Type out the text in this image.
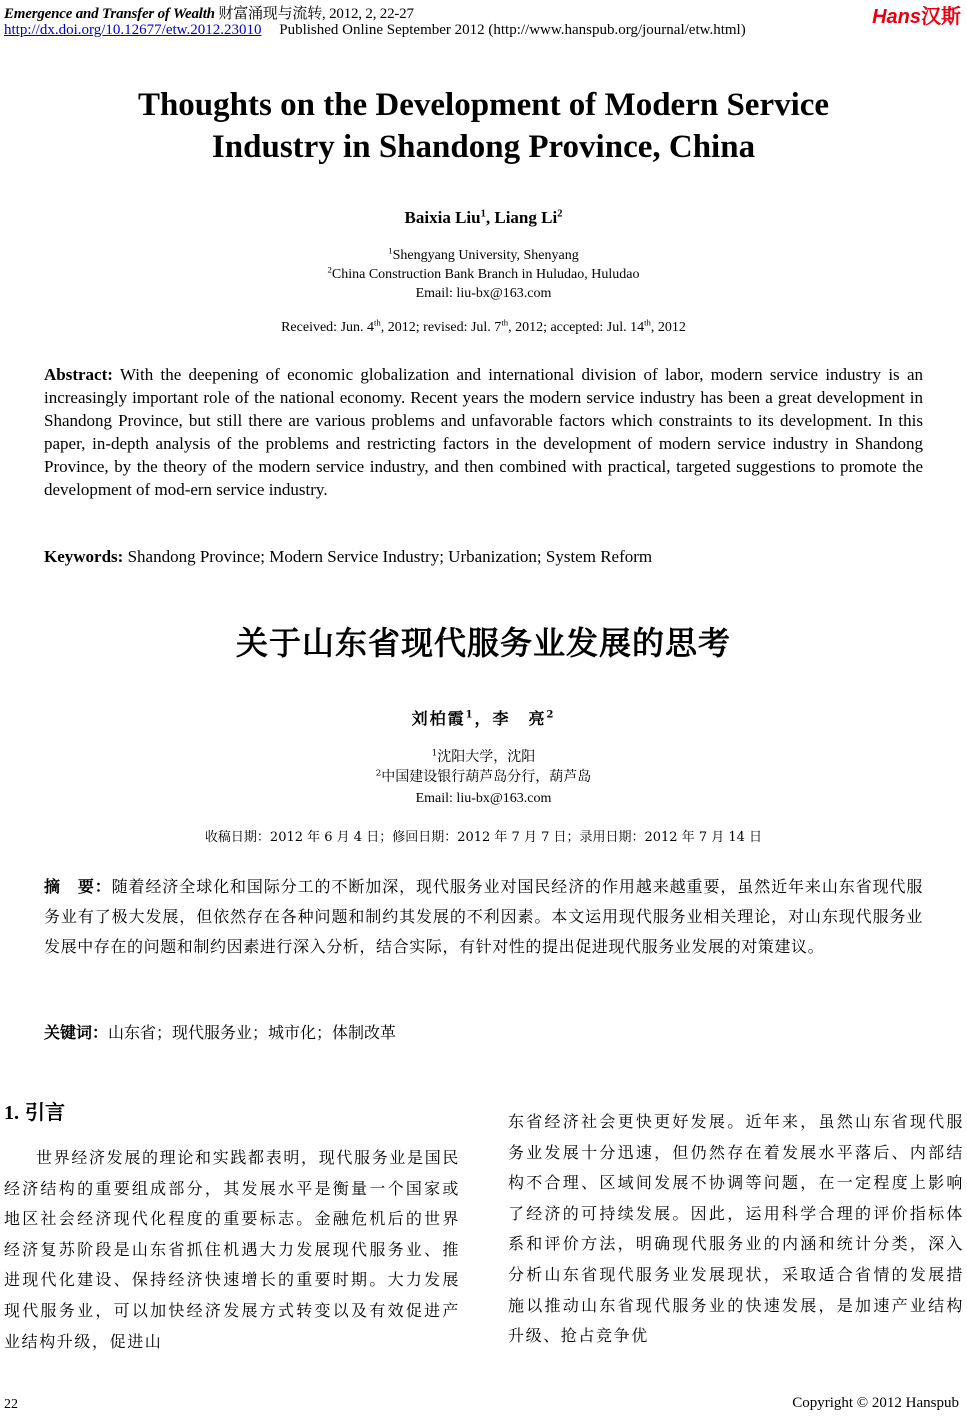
Emergence and Transfer of Wealth 财富涌现与流转, 2012, 2, 22-27
http://dx.doi.org/10.12677/etw.2012.23010 Published Online September 2012 (http://www.hanspub.org/journal/etw.html)
Hans汉斯
Thoughts on the Development of Modern Service
Industry in Shandong Province, China
Baixia Liu$^1$, Liang Li$^2$
$^1$Shengyang University, Shenyang
$^2$China Construction Bank Branch in Huludao, Huludao
Email: liu-bx@163.com
Received: Jun. 4th, 2012; revised: Jul. 7th, 2012; accepted: Jul. 14th, 2012
Abstract: With the deepening of economic globalization and international division of labor, modern service industry is an increasingly important role of the national economy. Recent years the modern service industry has been a great development in Shandong Province, but still there are various problems and unfavorable factors which constraints to its development. In this paper, in-depth analysis of the problems and restricting factors in the development of modern service industry in Shandong Province, by the theory of the modern service industry, and then combined with practical, targeted suggestions to promote the development of mod-ern service industry.
Keywords: Shandong Province; Modern Service Industry; Urbanization; System Reform
关于山东省现代服务业发展的思考
刘柏霞$^1$，李　亮$^2$
$^1$沈阳大学，沈阳
$^2$中国建设银行葫芦岛分行，葫芦岛
Email: liu-bx@163.com
收稿日期：2012 年 6 月 4 日；修回日期：2012 年 7 月 7 日；录用日期：2012 年 7 月 14 日
摘　要：随着经济全球化和国际分工的不断加深，现代服务业对国民经济的作用越来越重要，虽然近年来山东省现代服务业有了极大发展，但依然存在各种问题和制约其发展的不利因素。本文运用现代服务业相关理论，对山东现代服务业发展中存在的问题和制约因素进行深入分析，结合实际，有针对性的提出促进现代服务业发展的对策建议。
关键词：山东省；现代服务业；城市化；体制改革
1. 引言
世界经济发展的理论和实践都表明，现代服务业是国民经济结构的重要组成部分，其发展水平是衡量一个国家或地区社会经济现代化程度的重要标志。金融危机后的世界经济复苏阶段是山东省抓住机遇大力发展现代服务业、推进现代化建设、保持经济快速增长的重要时期。大力发展现代服务业，可以加快经济发展方式转变以及有效促进产业结构升级，促进山
东省经济社会更快更好发展。近年来，虽然山东省现代服务业发展十分迅速，但仍然存在着发展水平落后、内部结构不合理、区域间发展不协调等问题，在一定程度上影响了经济的可持续发展。因此，运用科学合理的评价指标体系和评价方法，明确现代服务业的内涵和统计分类，深入分析山东省现代服务业发展现状，采取适合省情的发展措施以推动山东省现代服务业的快速发展，是加速产业结构升级、抢占竞争优
22	Copyright © 2012 Hanspub
